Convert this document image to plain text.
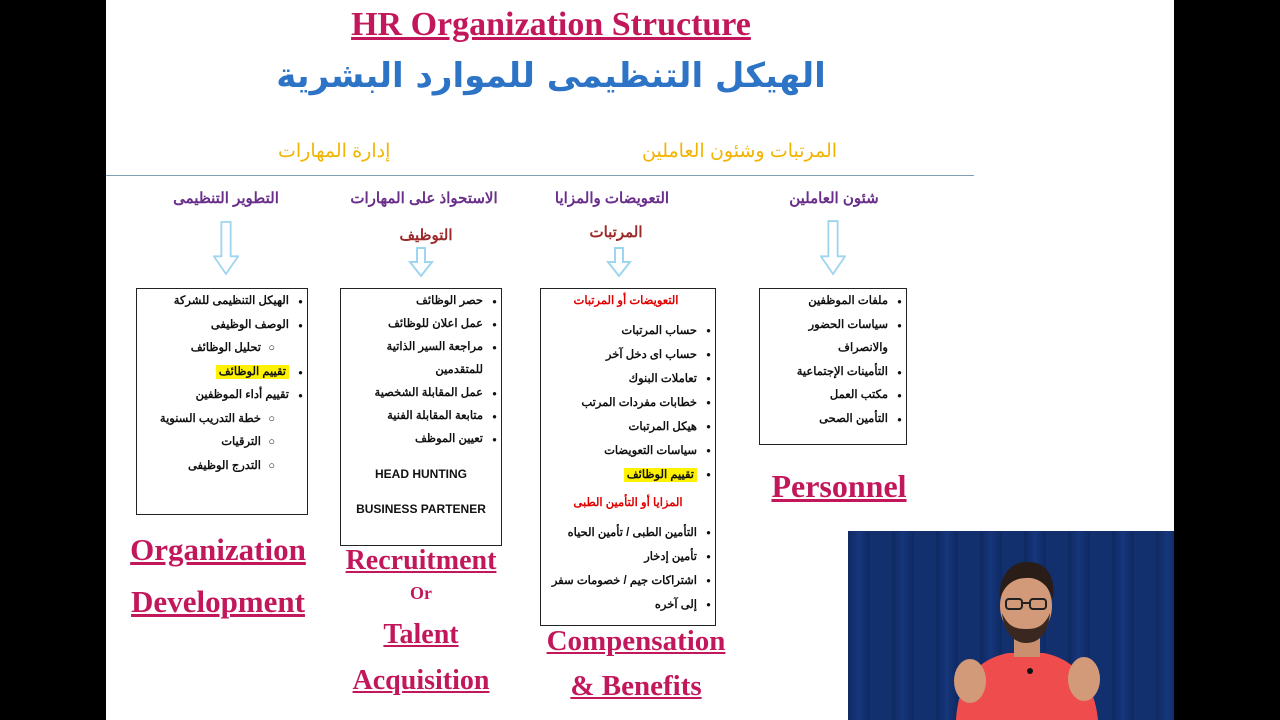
HR Organization Structure
الهيكل التنظيمى للموارد البشرية
إدارة المهارات	المرتبات وشئون العاملين
التطوير التنظيمى	الاستحواذ على المهارات	التعويضات والمزايا	شئون العاملين
التوظيف	المرتبات
● الهيكل التنظيمى للشركة
● الوصف الوظيفى
○ تحليل الوظائف
● تقييم الوظائف
● تقييم أداء الموظفين
○ خطة التدريب السنوية
○ الترقيات
○ التدرج الوظيفى
● حصر الوظائف
● عمل اعلان للوظائف
● مراجعة السير الذاتية
للمتقدمين
● عمل المقابلة الشخصية
● متابعة المقابلة الفنية
● تعيين الموظف
HEAD HUNTING
BUSINESS PARTENER
التعويضات أو المرتبات
● حساب المرتبات
● حساب اى دخل آخر
● تعاملات البنوك
● خطابات مفردات المرتب
● هيكل المرتبات
● سياسات التعويضات
● تقييم الوظائف
المزايا أو التأمين الطبى
● التأمين الطبى / تأمين الحياه
● تأمين إدخار
● اشتراكات جيم / خصومات سفر
● إلى آخره
● ملفات الموظفين
● سياسات الحضور
والانصراف
● التأمينات الإجتماعية
● مكتب العمل
● التأمين الصحى
Organization
Development
Recruitment
Or
Talent
Acquisition
Compensation
& Benefits
Personnel
